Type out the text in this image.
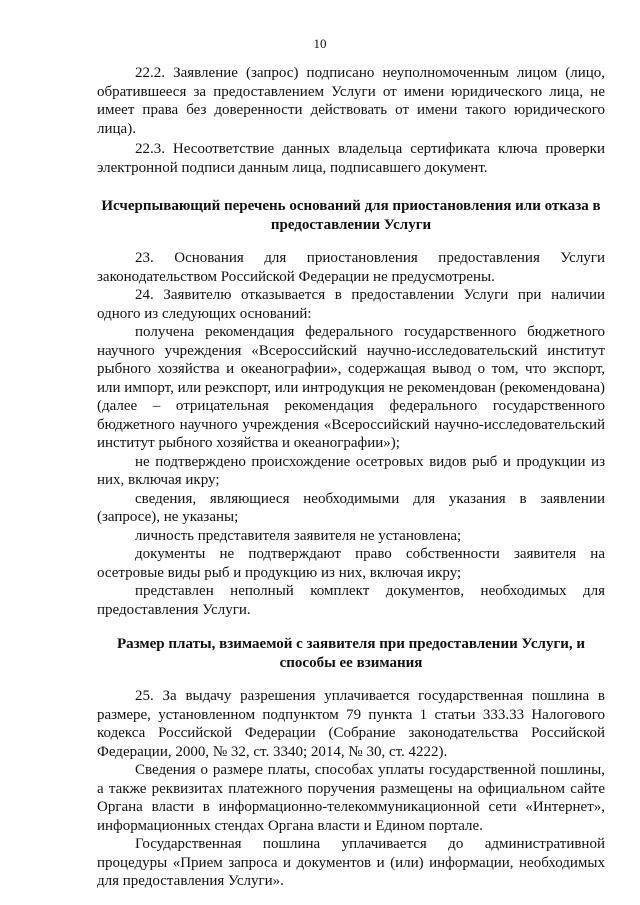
10

22.2. Заявление (запрос) подписано неуполномоченным лицом (лицо, обратившееся за предоставлением Услуги от имени юридического лица, не имеет права без доверенности действовать от имени такого юридического лица).

22.3. Несоответствие данных владельца сертификата ключа проверки электронной подписи данным лица, подписавшего документ.

Исчерпывающий перечень оснований для приостановления или отказа в предоставлении Услуги

23. Основания для приостановления предоставления Услуги законодательством Российской Федерации не предусмотрены.

24. Заявителю отказывается в предоставлении Услуги при наличии одного из следующих оснований:

получена рекомендация федерального государственного бюджетного научного учреждения «Всероссийский научно-исследовательский институт рыбного хозяйства и океанографии», содержащая вывод о том, что экспорт, или импорт, или реэкспорт, или интродукция не рекомендован (рекомендована) (далее – отрицательная рекомендация федерального государственного бюджетного научного учреждения «Всероссийский научно-исследовательский институт рыбного хозяйства и океанографии»);

не подтверждено происхождение осетровых видов рыб и продукции из них, включая икру;

сведения, являющиеся необходимыми для указания в заявлении (запросе), не указаны;

личность представителя заявителя не установлена;

документы не подтверждают право собственности заявителя на осетровые виды рыб и продукцию из них, включая икру;

представлен неполный комплект документов, необходимых для предоставления Услуги.

Размер платы, взимаемой с заявителя при предоставлении Услуги, и способы ее взимания

25. За выдачу разрешения уплачивается государственная пошлина в размере, установленном подпунктом 79 пункта 1 статьи 333.33 Налогового кодекса Российской Федерации (Собрание законодательства Российской Федерации, 2000, № 32, ст. 3340; 2014, № 30, ст. 4222).

Сведения о размере платы, способах уплаты государственной пошлины, а также реквизитах платежного поручения размещены на официальном сайте Органа власти в информационно-телекоммуникационной сети «Интернет», информационных стендах Органа власти и Едином портале.

Государственная пошлина уплачивается до административной процедуры «Прием запроса и документов и (или) информации, необходимых для предоставления Услуги».
